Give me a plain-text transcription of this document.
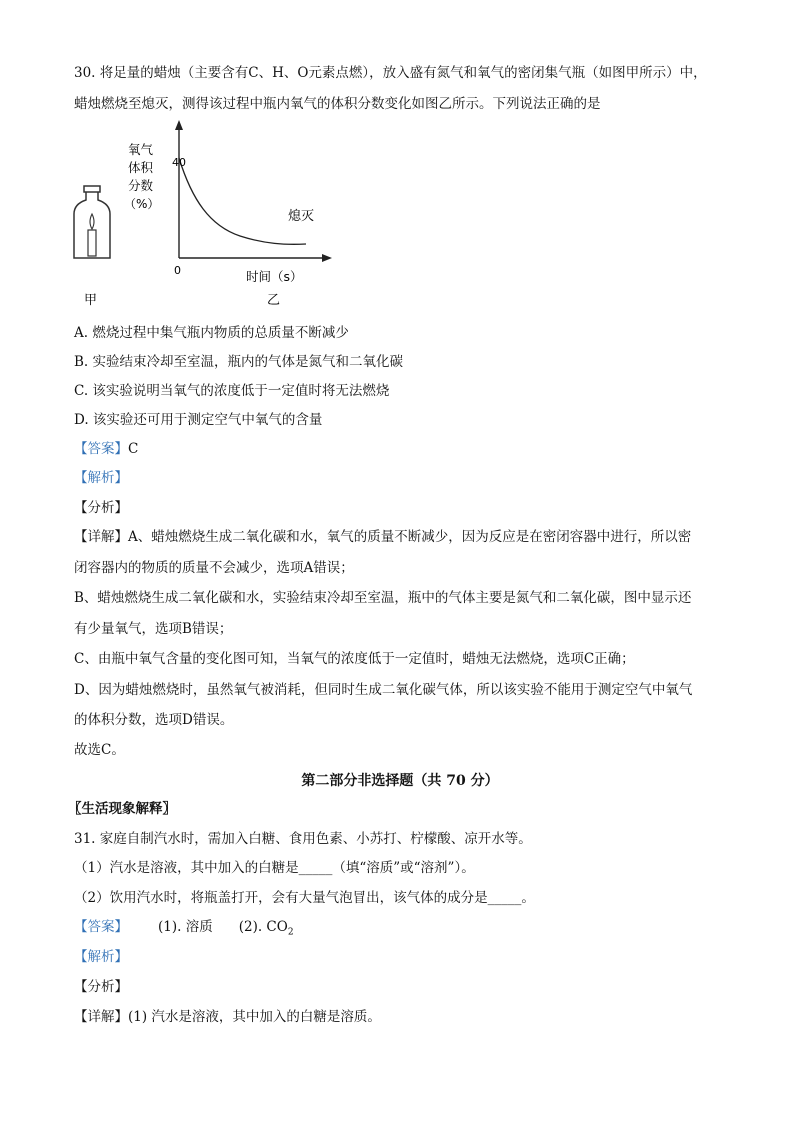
30. 将足量的蜡烛（主要含有C、H、O元素点燃），放入盛有氮气和氧气的密闭集气瓶（如图甲所示）中，
蜡烛燃烧至熄灭，测得该过程中瓶内氧气的体积分数变化如图乙所示。下列说法正确的是
甲
氧气
体积
分数
（%）
40
0
熄灭
时间（s）
乙
A. 燃烧过程中集气瓶内物质的总质量不断减少
B. 实验结束冷却至室温，瓶内的气体是氮气和二氧化碳
C. 该实验说明当氧气的浓度低于一定值时将无法燃烧
D. 该实验还可用于测定空气中氧气的含量
【答案】C
【解析】
【分析】
【详解】A、蜡烛燃烧生成二氧化碳和水，氧气的质量不断减少，因为反应是在密闭容器中进行，所以密
闭容器内的物质的质量不会减少，选项A错误；
B、蜡烛燃烧生成二氧化碳和水，实验结束冷却至室温，瓶中的气体主要是氮气和二氧化碳，图中显示还
有少量氧气，选项B错误；
C、由瓶中氧气含量的变化图可知，当氧气的浓度低于一定值时，蜡烛无法燃烧，选项C正确；
D、因为蜡烛燃烧时，虽然氧气被消耗，但同时生成二氧化碳气体，所以该实验不能用于测定空气中氧气
的体积分数，选项D错误。
故选C。
第二部分非选择题（共 70 分）
〖生活现象解释〗
31. 家庭自制汽水时，需加入白糖、食用色素、小苏打、柠檬酸、凉开水等。
（1）汽水是溶液，其中加入的白糖是_____（填“溶质”或“溶剂”）。
（2）饮用汽水时，将瓶盖打开，会有大量气泡冒出，该气体的成分是_____。
【答案】 (1). 溶质 (2). $CO_2$
【解析】
【分析】
【详解】(1) 汽水是溶液，其中加入的白糖是溶质。
